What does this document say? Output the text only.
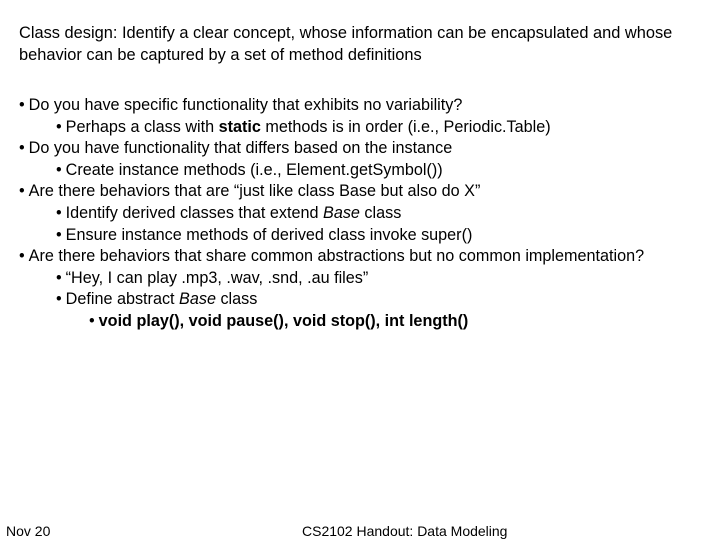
Class design: Identify a clear concept, whose information can be encapsulated and whose behavior can be captured by a set of method definitions
• Do you have specific functionality that exhibits no variability?
• Perhaps a class with static methods is in order (i.e., Periodic.Table)
• Do you have functionality that differs based on the instance
• Create instance methods (i.e., Element.getSymbol())
• Are there behaviors that are “just like class Base but also do X”
• Identify derived classes that extend Base class
• Ensure instance methods of derived class invoke super()
• Are there behaviors that share common abstractions but no common implementation?
• “Hey, I can play .mp3, .wav, .snd, .au files”
• Define abstract Base class
• void play(), void pause(), void stop(), int length()
Nov 20	CS2102 Handout: Data Modeling
